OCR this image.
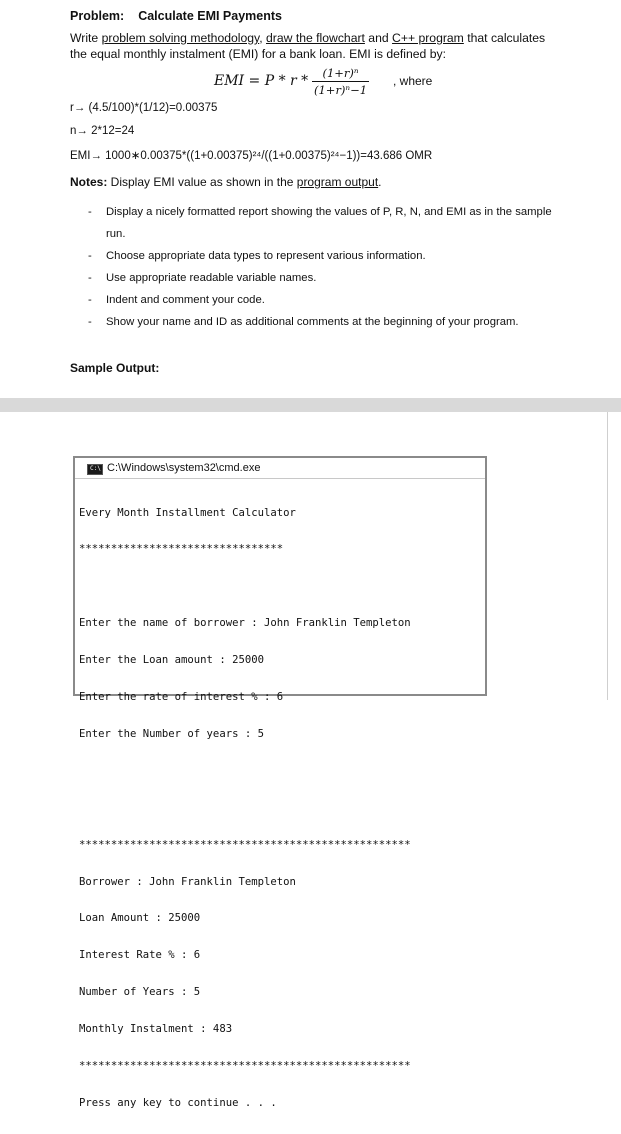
Problem: Calculate EMI Payments
Write problem solving methodology, draw the flowchart and C++ program that calculates the equal monthly instalment (EMI) for a bank loan. EMI is defined by:
EMI = P * r *	(1+r)ⁿ
(1+r)ⁿ−1
, where
r→ (4.5/100)*(1/12)=0.00375
n→ 2*12=24
EMI→ 1000∗0.00375*((1+0.00375)²⁴/((1+0.00375)²⁴−1))=43.686 OMR
Notes: Display EMI value as shown in the program output.
- Display a nicely formatted report showing the values of P, R, N, and EMI as in the sample run.
- Choose appropriate data types to represent various information.
- Use appropriate readable variable names.
- Indent and comment your code.
- Show your name and ID as additional comments at the beginning of your program.
Sample Output:
C:\ C:\Windows\system32\cmd.exe

Every Month Installment Calculator

********************************

Enter the name of borrower : John Franklin Templeton

Enter the Loan amount : 25000

Enter the rate of interest % : 6

Enter the Number of years : 5

****************************************************

Borrower : John Franklin Templeton

Loan Amount : 25000

Interest Rate % : 6

Number of Years : 5

Monthly Instalment : 483

****************************************************

Press any key to continue . . .
